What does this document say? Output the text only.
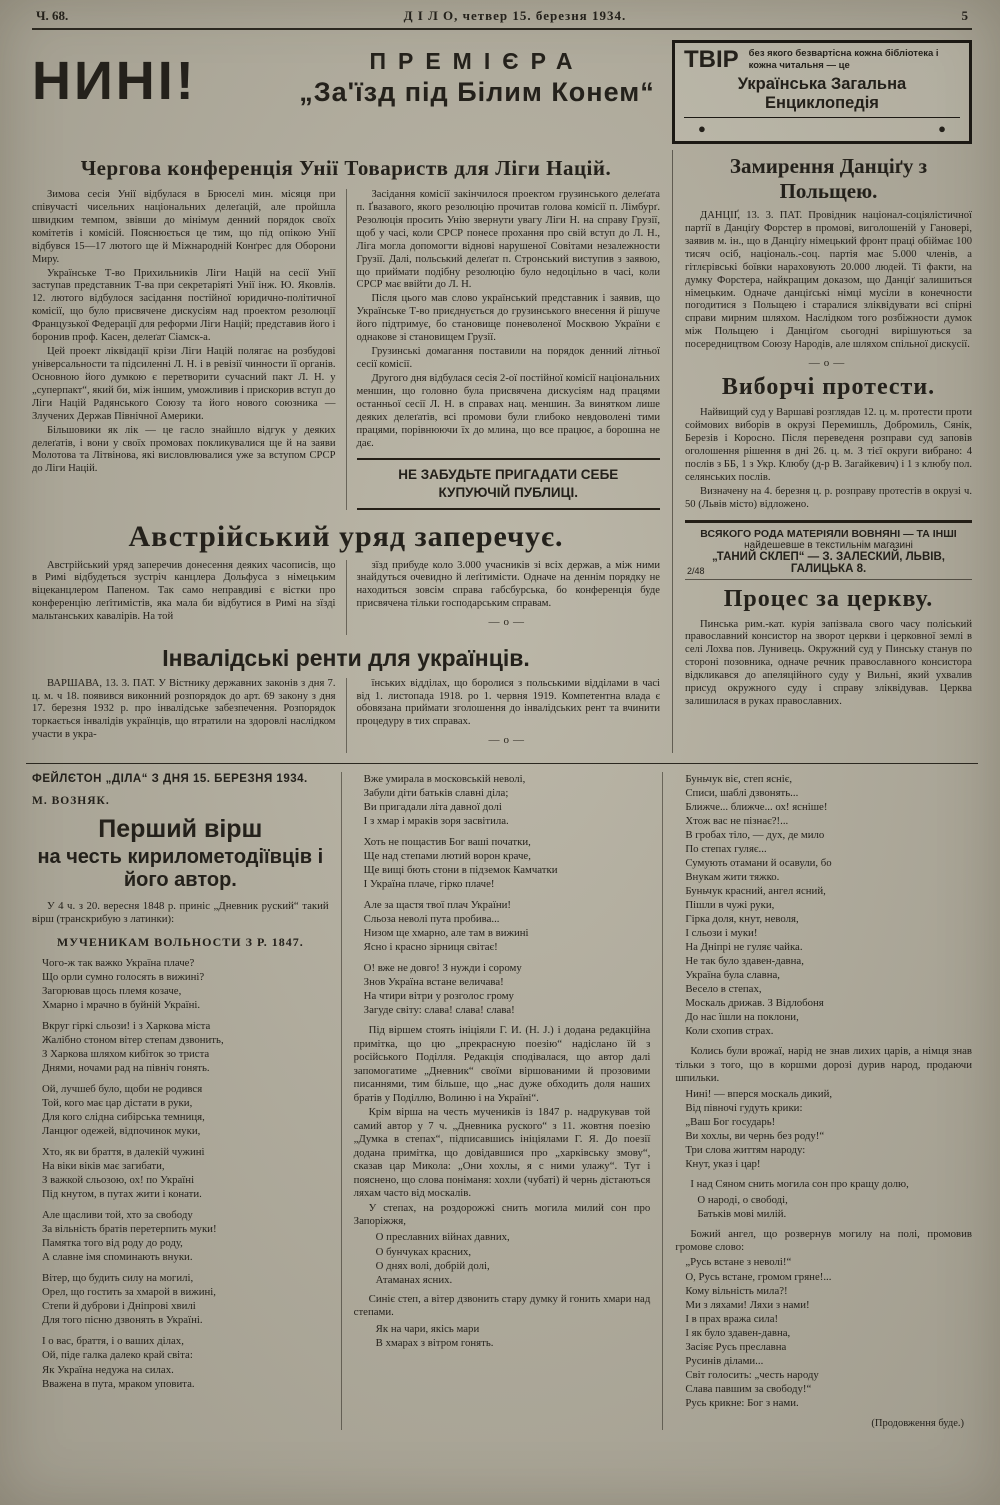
Ч. 68.	Д І Л О, четвер 15. березня 1934.	5
НИНІ!	ПРЕМІЄРА
„За'їзд під Білим Конем“
ТВІР без якого безвартісна кожна бібліотека і кожна читальня — це
Українська Загальна Енциклопедія
●	●
Чергова конференція Унії Товариств для Ліги Націй.

Зимова сесія Унії відбулася в Брюселі мин. місяця при співучасті чисельних національних делеґацій, але пройшла швидким темпом, звівши до мінімум денний порядок своїх комітетів і комісій. Пояснюється це тим, що під опікою Унії відбувся 15—17 лютого ще й Міжнародній Конґрес для Оборони Миру.

Українське Т-во Прихильників Ліги Націй на сесії Унії заступав представник Т-ва при секретаріяті Унії інж. Ю. Яковлів. 12. лютого відбулося засідання постійної юридично-політичної комісії, що було присвячене дискусіям над проектом резолюції Французької Федерації для реформи Ліги Націй; представив його і боронив проф. Касен, делеґат Сіамск-а.

Цей проект ліквідації крізи Ліги Націй полягає на розбудові універсальности та підсиленні Л. Н. і в ревізії чинности її органів. Основною його думкою є перетворити сучасний пакт Л. Н. у „суперпакт“, який би, між іншим, уможливив і прискорив вступ до Ліги Націй Радянського Союзу та його нового союзника — Злучених Держав Північної Америки.

Більшовики як лік — це гасло знайшло відгук у деяких делеґатів, і вони у своїх промовах покликувалися ще й на заяви Молотова та Літвінова, які висловлювалися уже за вступом СРСР до Ліги Націй.

Засідання комісії закінчилося проектом грузинського делеґата п. Ґвазавого, якого резолюцію прочитав голова комісії п. Лімбурґ. Резолюція просить Унію звернути увагу Ліги Н. на справу Грузії, щоб у часі, коли СРСР понесе прохання про свій вступ до Л. Н., Ліга могла допомогти віднові нарушеної Совітами незалежности Грузії. Далі, польський делеґат п. Стронський виступив з заявою, що приймати подібну резолюцію було недоцільно в часі, коли СРСР має ввійти до Л. Н.

Після цього мав слово український представник і заявив, що Українське Т-во приєднується до грузинського внесення й рішуче його підтримує, бо становище поневоленої Москвою України є однакове зі становищем Грузії.

Грузинські домагання поставили на порядок денний літньої сесії комісії.

Другого дня відбулася сесія 2-ої постійної комісії національних меншин, що головно була присвячена дискусіям над працями останньої сесії Л. Н. в справах нац. меншин. За винятком лише деяких делеґатів, всі промови були глибоко невдоволені тими працями, порівнюючи їх до млина, що все працює, а борошна не дає.

НЕ ЗАБУДЬТЕ ПРИГАДАТИ СЕБЕ КУПУЮЧІЙ ПУБЛИЦІ.
Австрійський уряд заперечує.

Австрійський уряд заперечив донесення деяких часописів, що в Римі відбудеться зустріч канцлера Дольфуса з німецьким віцеканцлером Папеном. Так само неправдиві є вістки про конференцію леґітимістів, яка мала би відбутися в Римі на зїзді мальтанських кавалірів. На той

зїзд прибуде коло 3.000 учасників зі всіх держав, а між ними знайдуться очевидно й леґітимісти. Одначе на деннім порядку не находиться зовсім справа габсбурська, бо конференція буде присвячена тільки господарським справам.

—о—
Інвалідські ренти для українців.

ВАРШАВА, 13. 3. ПАТ. У Вістнику державних законів з дня 7. ц. м. ч 18. появився виконний розпорядок до арт. 69 закону з дня 17. березня 1932 р. про інвалідське забезпечення. Розпорядок торкається інвалідів українців, що втратили на здоровлі наслідком участи в укра-

їнських відділах, що боролися з польськими відділами в часі від 1. листопада 1918. ро 1. червня 1919. Компетентна влада є обовязана приймати зголошення до інвалідських рент та вчинити процедуру в тих справах.

—о—
Замирення Данціґу з Польщею.

ДАНЦІҐ, 13. 3. ПАТ. Провідник націонал-соціялістичної партії в Данціґу Форстер в промові, виголошеній у Гановері, заявив м. ін., що в Данціґу німецький фронт праці обіймає 100 тисяч осіб, національ.-соц. партія має 5.000 членів, а гітлєрівські боївки нараховують 20.000 людей. Ті факти, на думку Форстера, найкращим доказом, що Данціґ залишиться німецьким. Одначе данціґські німці мусіли в конечности погодитися з Польщею і старалися зліквідувати всі спірні справи мирним шляхом. Наслідком того розбіжности думок між Польщею і Данціґом сьогодні вирішуються за посередництвом Союзу Народів, але шляхом спільної дискусії.

—о—
Виборчі протести.

Найвищий суд у Варшаві розглядав 12. ц. м. протести проти соймових виборів в окрузі Перемишль, Добромиль, Сянік, Березів і Коросно. Після переведеня розправи суд заповів оголошення рішення в дні 26. ц. м. З тієї округи вибрано: 4 послів з ББ, 1 з Укр. Клюбу (д-р В. Загайкевич) і 1 з клюбу пол. селянських послів.

Визначену на 4. березня ц. р. розправу протестів в окрузі ч. 50 (Львів місто) відложено.

ВСЯКОГО РОДА МАТЕРІЯЛИ ВОВНЯНІ — ТА ІНШІ
найдешевше в текстильнім магазині
„ТАНИЙ СКЛЕП“ — З. ЗАЛЕСКИЙ, ЛЬВІВ,
ГАЛИЦЬКА 8.
2/48
Процес за церкву.

Пинська рим.-кат. курія запізвала свого часу поліський православний консистор на зворот церкви і церковної землі в селі Лохва пов. Лунивець. Окружний суд у Пинську станув по стороні позовника, одначе речник православного консистора відкликався до апеляційного суду у Вильні, який ухвалив присуд окружного суду і справу зліквідував. Церква залишилася в руках православних.

ФЕЙЛЄТОН „ДІЛА“ З ДНЯ 15. БЕРЕЗНЯ 1934.
М. ВОЗНЯК.
Перший вірш
на честь кирилометодіївців і його автор.

У 4 ч. з 20. вересня 1848 р. приніс „Дневник руский“ такий вірш (транскрибую з латинки):

МУЧЕНИКАМ ВОЛЬНОСТИ З Р. 1847.

Чого-ж так важко Україна плаче?
Що орли сумно голосять в вижині?
Загорював щось племя козаче,
Хмарно і мрачно в буйній Україні.

Вкруг гіркі сльози! і з Харкова міста
Жалібно стоном вітер степам дзвонить,
З Харкова шляхом кибіток зо триста
Днями, ночами рад на північ гонять.

Ой, лучшеб було, щоби не родився
Той, кого має цар дістати в руки,
Для кого слідна сибірська темниця,
Ланцюг одежей, відпочинок муки,

Хто, як ви браття, в далекій чужині
На віки віків має загибати,
З важкой сльозою, ох! по Україні
Під кнутом, в путах жити і конати.

Але щасливи той, хто за свободу
За вільність братів перетерпить муки!
Памятка того від роду до роду,
А славне імя споминають внуки.

Вітер, що будить силу на могилі,
Орел, що гостить за хмарой в вижині,
Степи й дуброви і Дніпрові хвилі
Для того пісню дзвонять в Україні.

І о вас, браття, і о ваших ділах,
Ой, піде галка далеко край світа:
Як Україна недужа на силах.
Вважена в пута, мраком уповита.

Вже умирала в московській неволі,
Забули діти батьків славні діла;
Ви пригадали літа давної долі
І з хмар і мраків зоря засвітила.

Хоть не пощастив Бог ваші початки,
Ще над степами лютий ворон краче,
Ще вищі бють стони в підземок Камчатки
І Україна плаче, гірко плаче!

Але за щастя твої плач України!
Сльоза неволі пута пробива...
Низом ще хмарно, але там в вижині
Ясно і красно зірниця світає!

О! вже не довго! З нужди і сорому
Знов Україна встане величава!
На чтири вітри у розголос грому
Загуде світу: слава! слава! слава!

Під віршем стоять ініціяли Г. И. (Н. J.) і додана редакційна примітка, що цю „прекрасную поезію“ надіслано їй з російського Поділля. Редакція сподівалася, що автор далі запомогатиме „Дневник“ своїми віршованими й прозовими писаннями, тим більше, що „нас дуже обходить доля наших братів у Поділлю, Волиню і на Україні“.

Крім вірша на честь мучеників із 1847 р. надрукував той самий автор у 7 ч. „Дневника руского“ з 11. жовтня поезію „Думка в степах“, підписавшись ініціялами Г. Я. До поезії додана примітка, що довідавшися про „харківську змову“, сказав цар Микола: „Они хохлы, я с ними улажу“. Тут і пояснено, що слова поніманя: хохли (чубаті) й чернь дістаються ляхам часто від москалів.

У степах, на роздорожжі снить могила милий сон про Запоріжжя,

О преславних війнах давних,
О бунчуках красних,
О днях волі, добрій долі,
Атаманах ясних.

Синіє степ, а вітер дзвонить стару думку й гонить хмари над степами.

Як на чари, якісь мари
В хмарах з вітром гонять.
Буньчук віє, степ ясніє,
Списи, шаблі дзвонять...
Ближче... ближче... ох! ясніше!
Хтож вас не пізнає?!...
В гробах тіло, — дух, де мило
По степах гуляє...
Сумують отамани й осавули, бо
Внукам жити тяжко.
Буньчук красний, ангел ясний,
Пішли в чужі руки,
Гірка доля, кнут, неволя,
І сльози і муки!
На Дніпрі не гуляє чайка.
Не так було здавен-давна,
Україна була славна,
Весело в степах,
Москаль дрижав. З Відлобоня
До нас їшли на поклони,
Коли схопив страх.

Колись були врожаї, нарід не знав лихих царів, а німця знав тільки з того, що в коршми дорозі дурив народ, продаючи шпильки.

Нині! — вперся москаль дикий,
Від півночі гудуть крики:
„Ваш Бог государь!
Ви хохлы, ви чернь без роду!“
Три слова життям народу:
Кнут, указ і цар!

І над Сяном снить могила сон про кращу долю,

О народі, о свободі,
Батьків мові милій.

Божий ангел, що розвернув могилу на полі, промовив громове слово:

„Русь встане з неволі!“
О, Русь встане, громом гряне!...
Кому вільність мила?!
Ми з ляхами! Ляхи з нами!
І в прах вража сила!
І як було здавен-давна,
Засіяє Русь преславна
Русинів ділами...
Світ голосить: „честь народу
Слава павшим за свободу!“
Русь крикне: Бог з нами.
(Продовження буде.)
